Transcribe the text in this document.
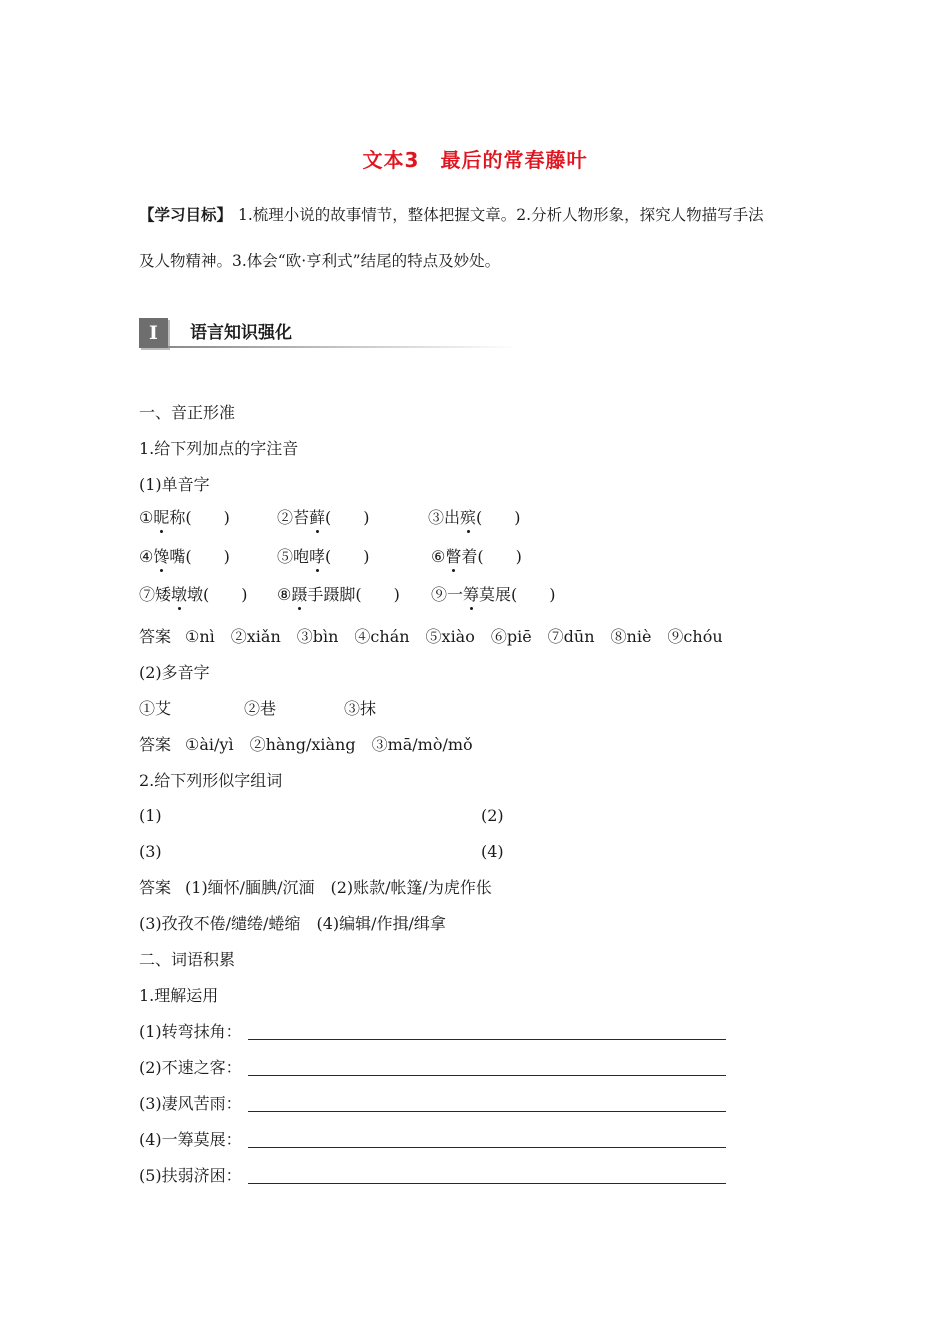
文本3　最后的常春藤叶
【学习目标】 1.梳理小说的故事情节，整体把握文章。2.分析人物形象，探究人物描写手法
及人物精神。3.体会“欧·亨利式”结尾的特点及妙处。
I	语言知识强化
一、音正形准
1.给下列加点的字注音
(1)单音字
①昵称(　　)	②苔藓(　　)	③出殡(　　)
④馋嘴(　　)	⑤咆哮(　　)	⑥瞥着(　　)
⑦矮墩墩(　　) ⑧蹑手蹑脚(　　) ⑨一筹莫展(　　)
答案 ①nì　②xiǎn　③bìn　④chán　⑤xiào　⑥piē　⑦dūn　⑧niè　⑨chóu
(2)多音字
①艾	②巷	③抹
答案 ①ài/yì　②hàng/xiàng　③mā/mò/mǒ
2.给下列形似字组词
(1)	(2)
(3)	(4)
答案 (1)缅怀/腼腆/沉湎　(2)账款/帐篷/为虎作伥
(3)孜孜不倦/缱绻/蜷缩　(4)编辑/作揖/缉拿
二、词语积累
1.理解运用
(1)转弯抹角：
(2)不速之客：
(3)凄风苦雨：
(4)一筹莫展：
(5)扶弱济困：
